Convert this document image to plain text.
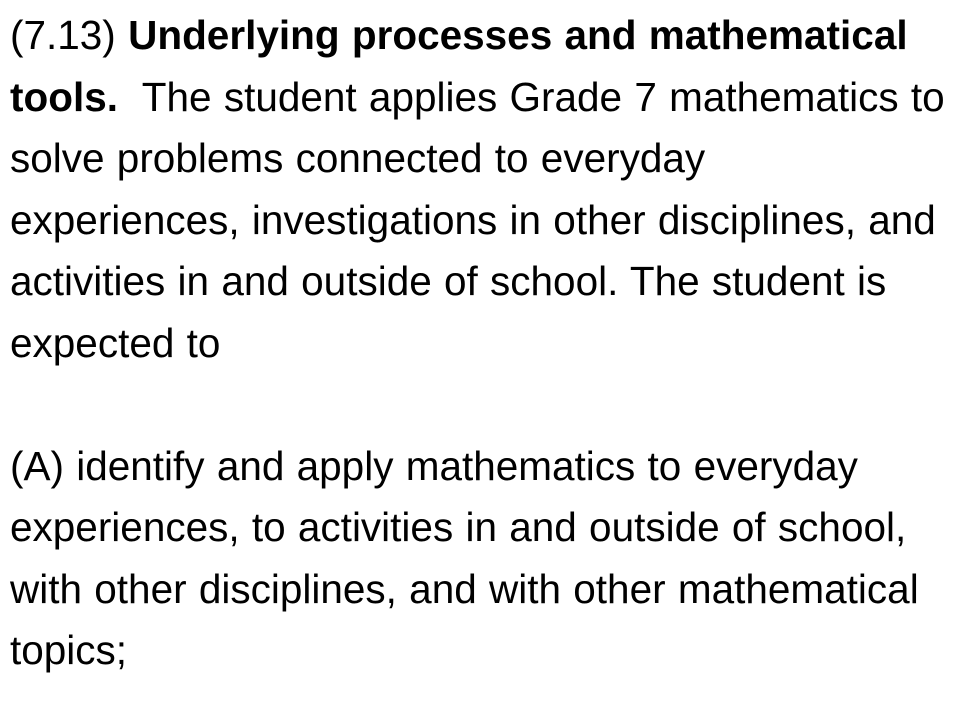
(7.13) Underlying processes and mathematical tools. The student applies Grade 7 mathematics to solve problems connected to everyday experiences, investigations in other disciplines, and activities in and outside of school. The student is expected to

(A) identify and apply mathematics to everyday experiences, to activities in and outside of school, with other disciplines, and with other mathematical topics;
